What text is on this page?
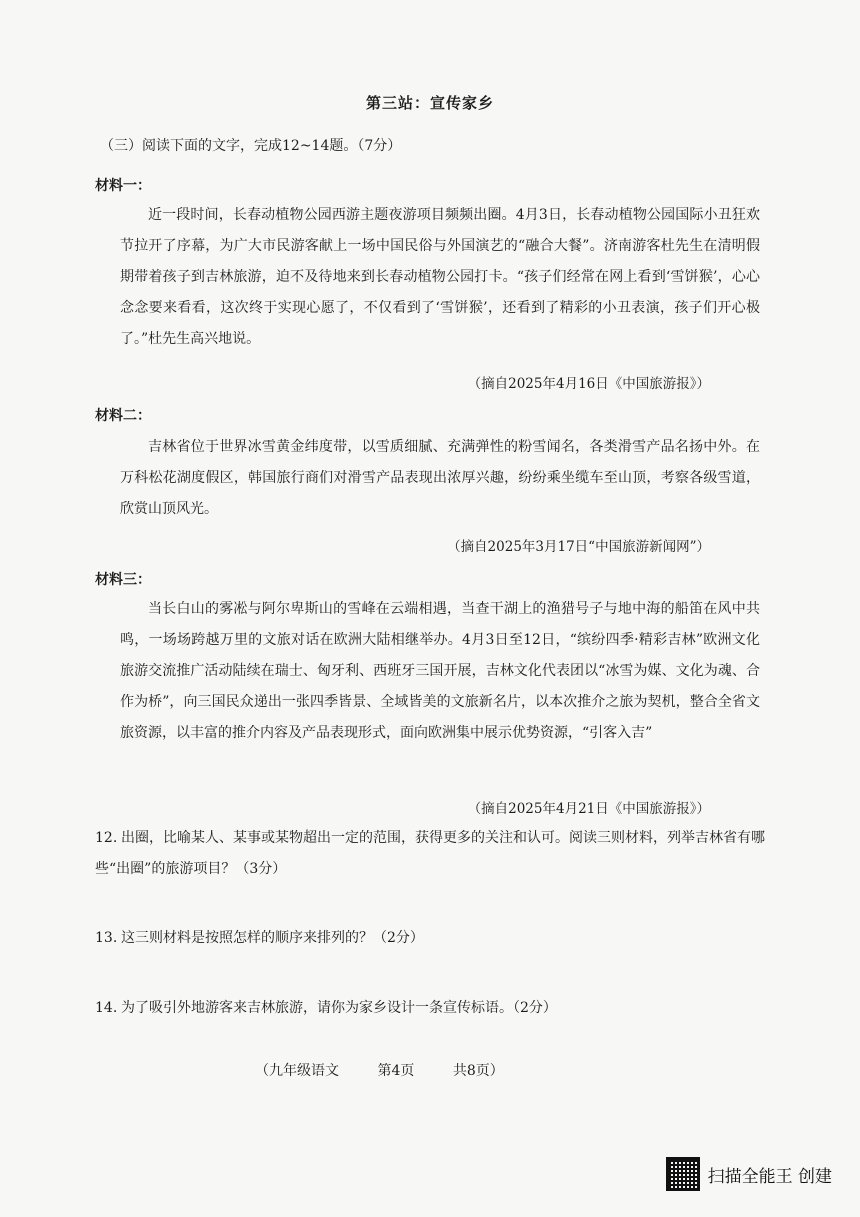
第三站：宣传家乡
（三）阅读下面的文字，完成12~14题。（7分）
材料一：

近一段时间，长春动植物公园西游主题夜游项目频频出圈。4月3日，长春动植物公园国际小丑狂欢节拉开了序幕，为广大市民游客献上一场中国民俗与外国演艺的“融合大餐”。济南游客杜先生在清明假期带着孩子到吉林旅游，迫不及待地来到长春动植物公园打卡。“孩子们经常在网上看到‘雪饼猴’，心心念念要来看看，这次终于实现心愿了，不仅看到了‘雪饼猴’，还看到了精彩的小丑表演，孩子们开心极了。”杜先生高兴地说。

（摘自2025年4月16日《中国旅游报》）
材料二：

吉林省位于世界冰雪黄金纬度带，以雪质细腻、充满弹性的粉雪闻名，各类滑雪产品名扬中外。在万科松花湖度假区，韩国旅行商们对滑雪产品表现出浓厚兴趣，纷纷乘坐缆车至山顶，考察各级雪道，欣赏山顶风光。

（摘自2025年3月17日“中国旅游新闻网”）
材料三：

当长白山的雾凇与阿尔卑斯山的雪峰在云端相遇，当查干湖上的渔猎号子与地中海的船笛在风中共鸣，一场场跨越万里的文旅对话在欧洲大陆相继举办。4月3日至12日，“缤纷四季·精彩吉林”欧洲文化旅游交流推广活动陆续在瑞士、匈牙利、西班牙三国开展，吉林文化代表团以“冰雪为媒、文化为魂、合作为桥”，向三国民众递出一张四季皆景、全域皆美的文旅新名片，以本次推介之旅为契机，整合全省文旅资源，以丰富的推介内容及产品表现形式，面向欧洲集中展示优势资源，“引客入吉”

（摘自2025年4月21日《中国旅游报》）
12. 出圈，比喻某人、某事或某物超出一定的范围，获得更多的关注和认可。阅读三则材料，列举吉林省有哪些“出圈”的旅游项目？（3分）
13. 这三则材料是按照怎样的顺序来排列的？（2分）
14. 为了吸引外地游客来吉林旅游，请你为家乡设计一条宣传标语。（2分）
（九年级语文	第4页	共8页）
扫描全能王 创建
